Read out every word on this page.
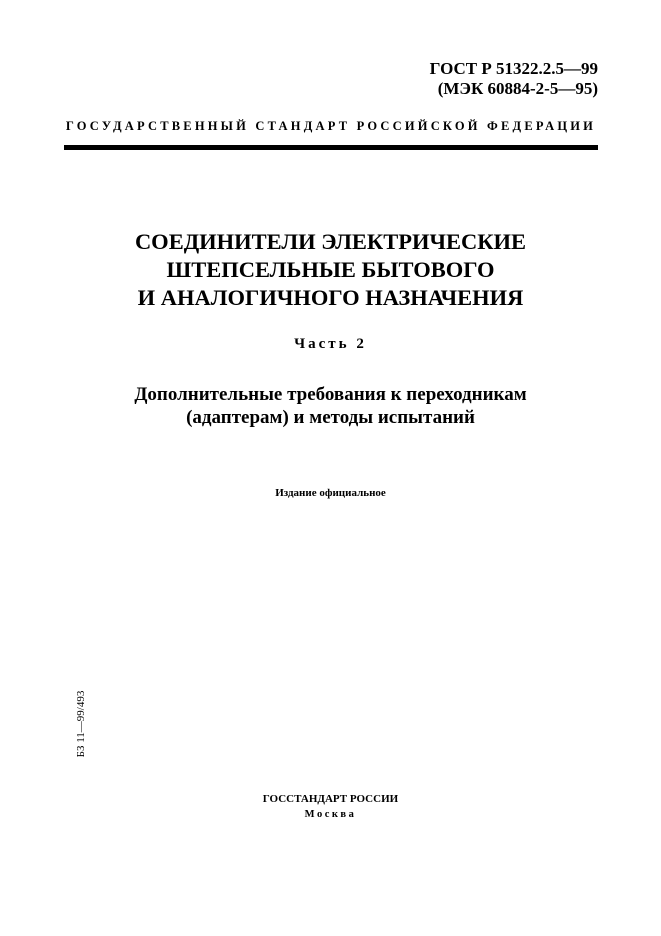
ГОСТ Р 51322.2.5—99
(МЭК 60884-2-5—95)
ГОСУДАРСТВЕННЫЙ СТАНДАРТ РОССИЙСКОЙ ФЕДЕРАЦИИ
СОЕДИНИТЕЛИ ЭЛЕКТРИЧЕСКИЕ
ШТЕПСЕЛЬНЫЕ БЫТОВОГО
И АНАЛОГИЧНОГО НАЗНАЧЕНИЯ
Часть 2
Дополнительные требования к переходникам
(адаптерам) и методы испытаний
Издание официальное
БЗ 11—99/493
ГОССТАНДАРТ РОССИИ
Москва
